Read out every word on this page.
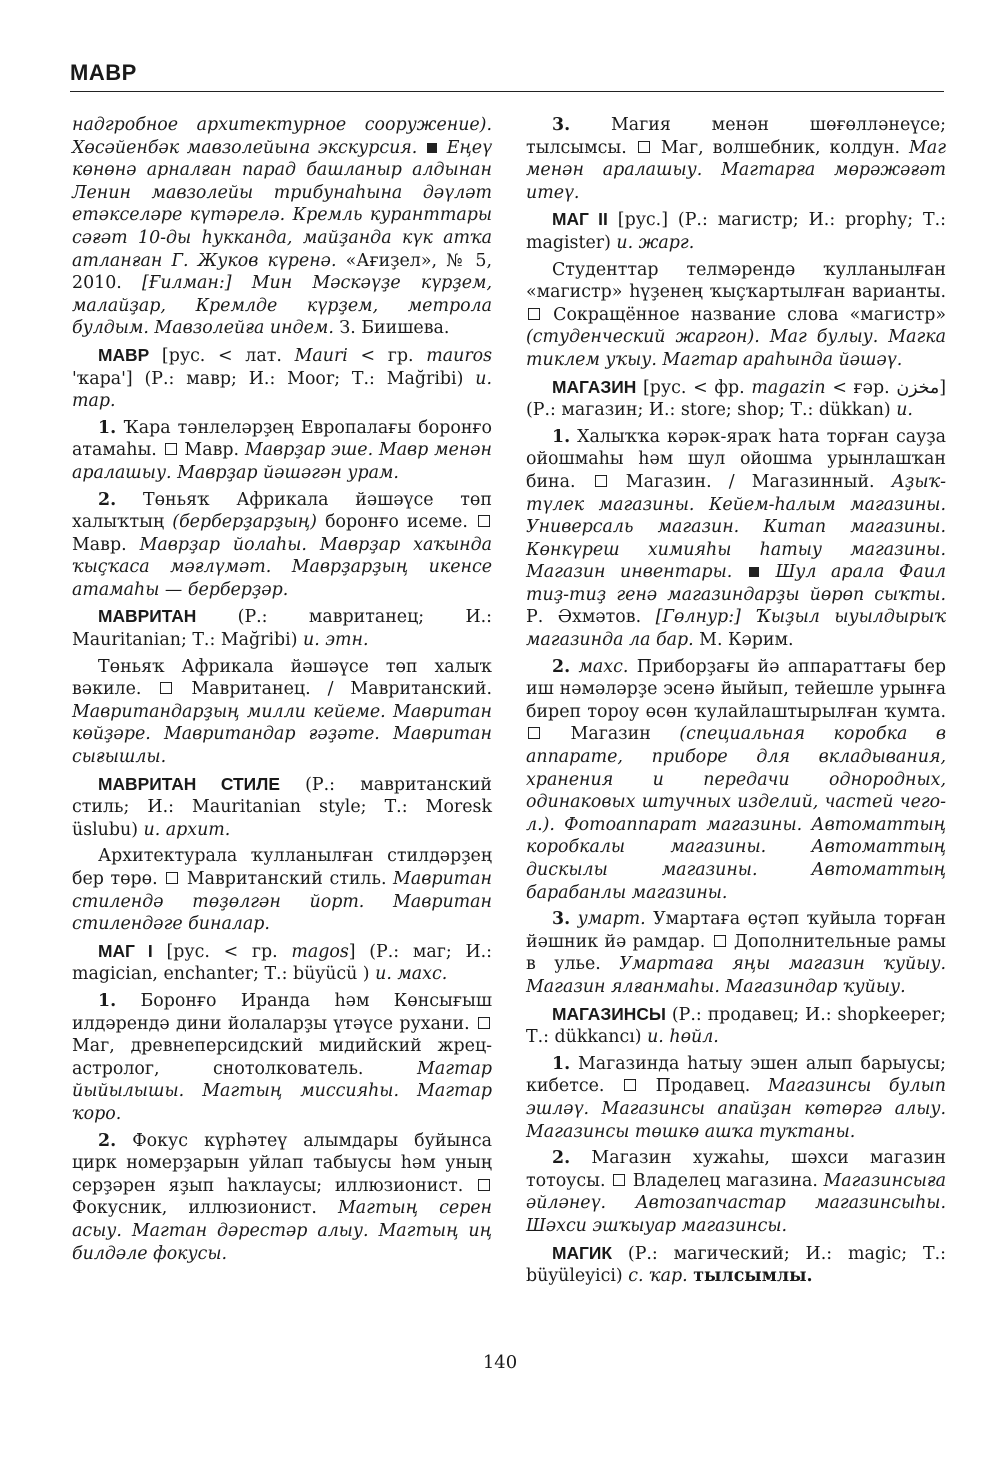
МАВР

надгробное архитектурное сооружение). Хөсәйенбәк мавзолейына экскурсия. Еңеү көнөнә арналған парад башланыр алдынан Ленин мавзолейы трибунаһына дәүләт етәкселәре күтәрелә. Кремль куранттары сәғәт 10-ды һукканда, майҙанда күк атҡа атланған Г. Жуков күренә. «Ағиҙел», № 5, 2010. [Ғилман:] Мин Мәскәүҙе күрҙем, малайҙар, Кремлде күрҙем, метрола булдым. Мавзолейға индем. З. Биишева.

МАВР [рус. < лат. Mauri < гр. mauros 'ҡара'] (Р.: мавр; И.: Moor; Т.: Mağribi) и. тар.

1. Ҡара тәнлеләрҙең Европалағы боронғо атамаһы. Мавр. Маврҙар эше. Мавр менән аралашыу. Маврҙар йәшәгән урам.

2. Төньяҡ Африкала йәшәүсе төп халыҡтың (берберҙарҙың) боронғо исеме.  Мавр. Маврҙар йолаһы. Маврҙар хаҡында ҡыҫҡаса мәғлүмәт. Маврҙарҙың икенсе атамаһы — берберҙәр.

МАВРИТАН (Р.: мавританец; И.: Mauritanian; Т.: Mağribi) и. этн.

Төньяҡ Африкала йәшәүсе төп халыҡ вәкиле.	Мавританец. / Мавританский. Мавритандарҙың милли кейеме. Мавритан көйҙәре. Мавритандар ғәҙәте. Мавритан сығышлы.

МАВРИТАН СТИЛЕ (Р.: мавританский стиль; И.: Mauritanian style; Т.: Moresk üslubu) и. архит.

Архитектурала ҡулланылған стилдәрҙең бер төрө. Мавританский стиль. Мавритан стилендә төҙөлгән йорт. Мавритан стилендәге биналар.

МАГ I [рус. < гр. magos] (Р.: маг; И.: magician, enchanter; Т.: büyücü ) и. махс.

1. Боронғо Иранда һәм Көнсығыш илдәрендә дини йолаларҙы үтәүсе рухани.  Маг, древнеперсидский мидийский жрец-астролог, снотолкователь.	Магтар йыйылышы. Магтың миссияһы. Магтар ҡоро.

2. Фокус күрһәтеү алымдары буйынса цирк номерҙарын уйлап табыусы һәм уның серҙәрен яҙып һаҡлаусы; иллюзионист.  Фокусник, иллюзионист. Магтың серен асыу. Магтан дәрестәр алыу. Магтың иң билдәле фокусы.

3. Магия менән шөғөлләнеүсе; тылсымсы. Маг, волшебник, колдун. Маг менән аралашыу. Магтарға мөрәжәғәт итеү.

МАГ II [рус.] (Р.: магистр; И.: prophy; Т.: magister) и. жарг.

Студенттар телмәрендә ҡулланылған «магистр» һүҙенең ҡыҫҡартылған варианты.  Сокращённое название слова «магистр» (студенческий жаргон). Маг булыу. Магка тиклем уҡыу. Магтар араһында йәшәү.

МАГАЗИН [рус. < фр. magazin < ғәр. مخزن] (Р.: магазин; И.: store; shop; Т.: dükkan) и.

1. Халыҡҡа кәрәк-яраҡ һата торған сауҙа ойошмаһы һәм шул ойошма урынлашҡан бина.	Магазин. / Магазинный. Аҙыҡ-түлек магазины. Кейем-һалым магазины. Универсаль магазин. Китап магазины. Көнкүреш химияһы һатыу магазины. Магазин инвентары. Шул арала Фаил тиҙ-тиҙ генә магазиндарҙы йөрөп сыҡты. Р. Әхмәтов. [Гөлнур:] Ҡыҙыл ыуылдырыҡ магазинда ла бар. М. Кәрим.

2. махс. Приборҙағы йә аппараттағы бер иш нәмәләрҙе эсенә йыйып, тейешле урынға биреп тороу өсөн ҡулайлаштырылған ҡумта.  Магазин (специальная коробка в аппарате, приборе для вкладывания, хранения и передачи однородных, одинаковых штучных изделий, частей чего-л.). Фотоаппарат магазины. Автоматтың коробкалы магазины. Автоматтың дискылы магазины. Автоматтың барабанлы магазины.

3. умарт. Умартаға өҫтәп ҡуйыла торған йәшник йә рамдар. Дополнительные рамы в улье. Умартаға яңы магазин ҡуйыу. Магазин ялғанмаһы. Магазиндар ҡуйыу.

МАГАЗИНСЫ (Р.: продавец; И.: shopkeeper; Т.: dükkancı) и. һөйл.

1. Магазинда һатыу эшен алып барыусы; кибетсе.	Продавец. Магазинсы булып эшләү. Магазинсы апайҙан көтөргә алыу. Магазинсы төшкө ашҡа туҡтаны.

2. Магазин хужаһы, шәхси магазин тотоусы. Владелец магазина. Магазинсыға әйләнеү. Автозапчастар магазинсыһы. Шәхси эшҡыуар магазинсы.

МАГИК (Р.: магический; И.: magic; Т.: büyüleyici) с. ҡар. тылсымлы.

140
